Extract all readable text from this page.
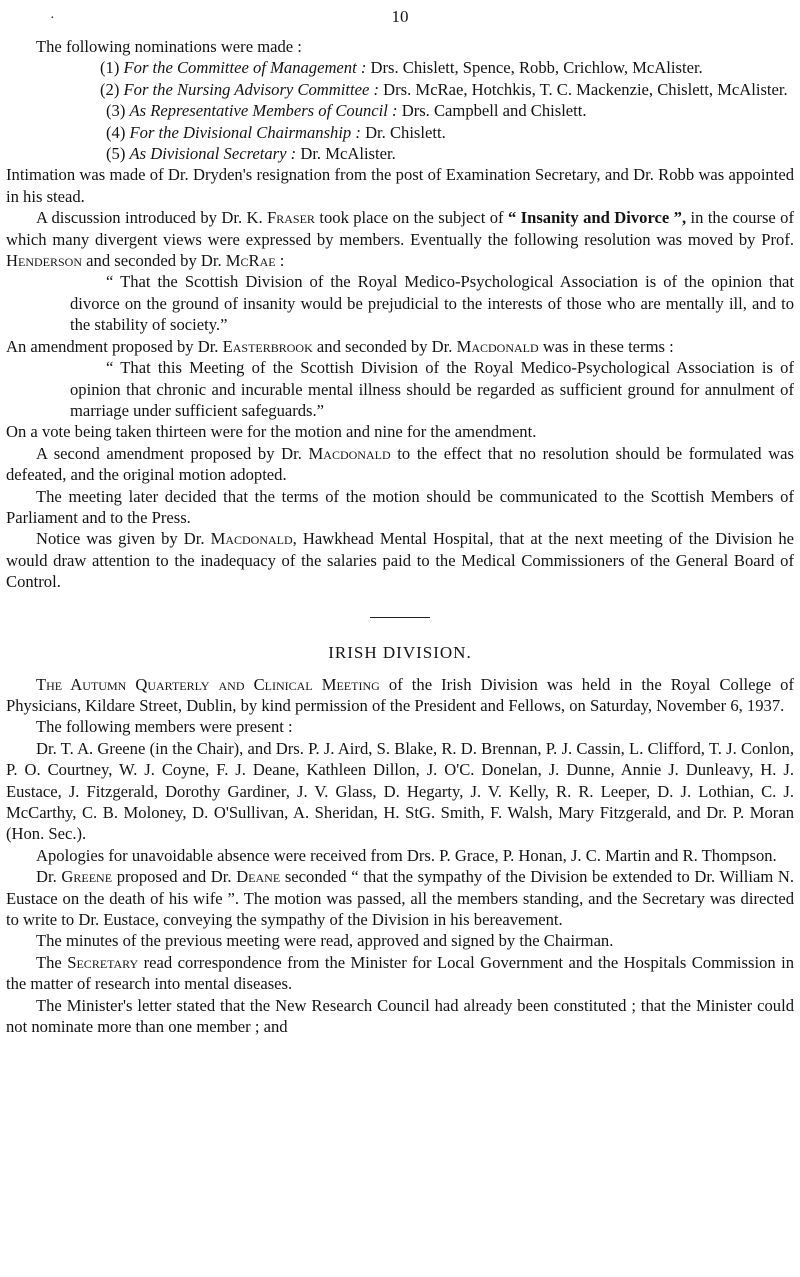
·	10

The following nominations were made :

(1) For the Committee of Management : Drs. Chislett, Spence, Robb, Crichlow, McAlister.

(2) For the Nursing Advisory Committee : Drs. McRae, Hotchkis, T. C. Mackenzie, Chislett, McAlister.

(3) As Representative Members of Council : Drs. Campbell and Chislett.

(4) For the Divisional Chairmanship : Dr. Chislett.

(5) As Divisional Secretary : Dr. McAlister.

Intimation was made of Dr. Dryden's resignation from the post of Examination Secretary, and Dr. Robb was appointed in his stead.

A discussion introduced by Dr. K. Fraser took place on the subject of “ Insanity and Divorce ”, in the course of which many divergent views were expressed by members. Eventually the following resolution was moved by Prof. Henderson and seconded by Dr. McRae :

“ That the Scottish Division of the Royal Medico-Psychological Association is of the opinion that divorce on the ground of insanity would be prejudicial to the interests of those who are mentally ill, and to the stability of society.”

An amendment proposed by Dr. Easterbrook and seconded by Dr. Macdonald was in these terms :

“ That this Meeting of the Scottish Division of the Royal Medico-Psychological Association is of opinion that chronic and incurable mental illness should be regarded as sufficient ground for annulment of marriage under sufficient safeguards.”

On a vote being taken thirteen were for the motion and nine for the amendment.

A second amendment proposed by Dr. Macdonald to the effect that no resolution should be formulated was defeated, and the original motion adopted.

The meeting later decided that the terms of the motion should be communicated to the Scottish Members of Parliament and to the Press.

Notice was given by Dr. Macdonald, Hawkhead Mental Hospital, that at the next meeting of the Division he would draw attention to the inadequacy of the salaries paid to the Medical Commissioners of the General Board of Control.

IRISH DIVISION.

The Autumn Quarterly and Clinical Meeting of the Irish Division was held in the Royal College of Physicians, Kildare Street, Dublin, by kind permission of the President and Fellows, on Saturday, November 6, 1937.

The following members were present :

Dr. T. A. Greene (in the Chair), and Drs. P. J. Aird, S. Blake, R. D. Brennan, P. J. Cassin, L. Clifford, T. J. Conlon, P. O. Courtney, W. J. Coyne, F. J. Deane, Kathleen Dillon, J. O'C. Donelan, J. Dunne, Annie J. Dunleavy, H. J. Eustace, J. Fitzgerald, Dorothy Gardiner, J. V. Glass, D. Hegarty, J. V. Kelly, R. R. Leeper, D. J. Lothian, C. J. McCarthy, C. B. Moloney, D. O'Sullivan, A. Sheridan, H. StG. Smith, F. Walsh, Mary Fitzgerald, and Dr. P. Moran (Hon. Sec.).

Apologies for unavoidable absence were received from Drs. P. Grace, P. Honan, J. C. Martin and R. Thompson.

Dr. Greene proposed and Dr. Deane seconded “ that the sympathy of the Division be extended to Dr. William N. Eustace on the death of his wife ”. The motion was passed, all the members standing, and the Secretary was directed to write to Dr. Eustace, conveying the sympathy of the Division in his bereavement.

The minutes of the previous meeting were read, approved and signed by the Chairman.

The Secretary read correspondence from the Minister for Local Government and the Hospitals Commission in the matter of research into mental diseases.

The Minister's letter stated that the New Research Council had already been constituted ; that the Minister could not nominate more than one member ; and
